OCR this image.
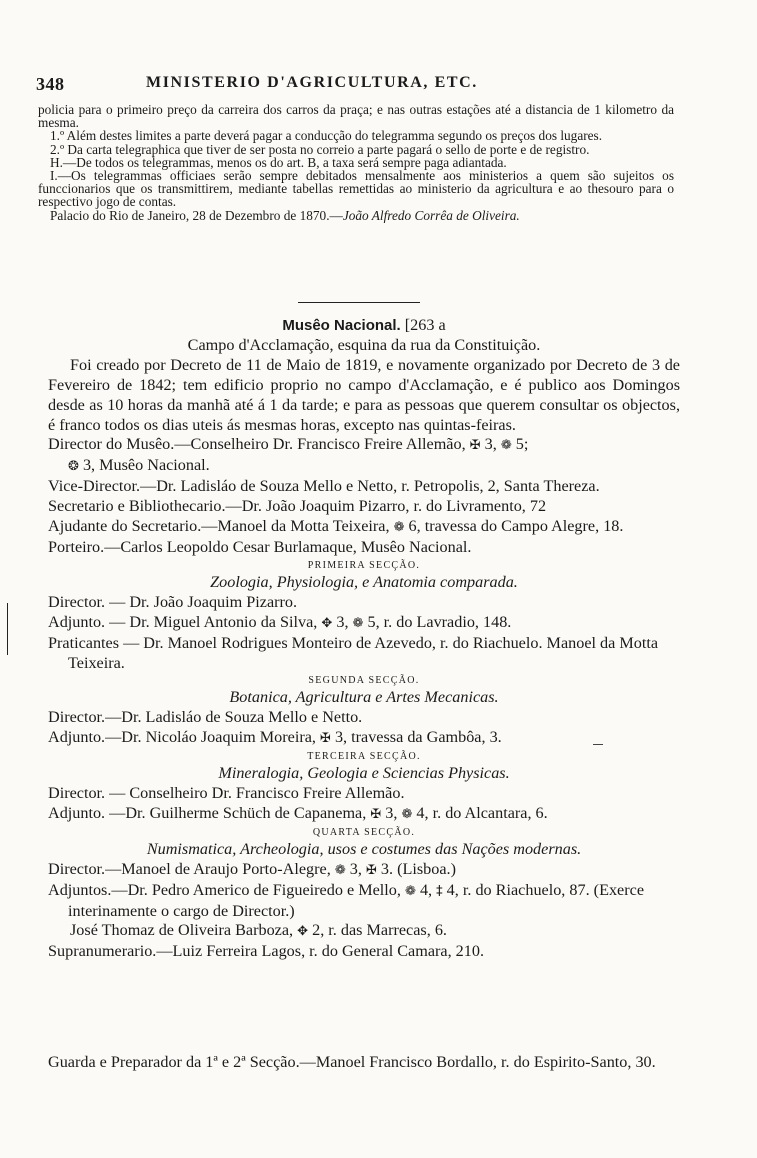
348	MINISTERIO D'AGRICULTURA, ETC.

policia para o primeiro preço da carreira dos carros da praça; e nas outras estações até a distancia de 1 kilometro da mesma.

1.º Além destes limites a parte deverá pagar a conducção do telegramma segundo os preços dos lugares.

2.º Da carta telegraphica que tiver de ser posta no correio a parte pagará o sello de porte e de registro.

H.—De todos os telegrammas, menos os do art. B, a taxa será sempre paga adiantada.

I.—Os telegrammas officiaes serão sempre debitados mensalmente aos ministerios a quem são sujeitos os funccionarios que os transmittirem, mediante tabellas remettidas ao ministerio da agricultura e ao thesouro para o respectivo jogo de contas.

Palacio do Rio de Janeiro, 28 de Dezembro de 1870.—João Alfredo Corrêa de Oliveira.

Musêo Nacional. [263 a

Campo d'Acclamação, esquina da rua da Constituição.

Foi creado por Decreto de 11 de Maio de 1819, e novamente organizado por Decreto de 3 de Fevereiro de 1842; tem edificio proprio no campo d'Acclamação, e é publico aos Domingos desde as 10 horas da manhã até á 1 da tarde; e para as pessoas que querem consultar os objectos, é franco todos os dias uteis ás mesmas horas, excepto nas quintas-feiras.

Director do Musêo.—Conselheiro Dr. Francisco Freire Allemão, ✠ 3, ❁ 5;
❂ 3, Musêo Nacional.

Vice-Director.—Dr. Ladisláo de Souza Mello e Netto, r. Petropolis, 2, Santa Thereza.

Secretario e Bibliothecario.—Dr. João Joaquim Pizarro, r. do Livramento, 72

Ajudante do Secretario.—Manoel da Motta Teixeira, ❁ 6, travessa do Campo Alegre, 18.

Porteiro.—Carlos Leopoldo Cesar Burlamaque, Musêo Nacional.

PRIMEIRA SECÇÃO.

Zoologia, Physiologia, e Anatomia comparada.

Director. — Dr. João Joaquim Pizarro.

Adjunto. — Dr. Miguel Antonio da Silva, ✥ 3, ❁ 5, r. do Lavradio, 148.

Praticantes — Dr. Manoel Rodrigues Monteiro de Azevedo, r. do Riachuelo. Manoel da Motta Teixeira.

SEGUNDA SECÇÃO.

Botanica, Agricultura e Artes Mecanicas.

Director.—Dr. Ladisláo de Souza Mello e Netto.

Adjunto.—Dr. Nicoláo Joaquim Moreira, ✠ 3, travessa da Gambôa, 3.

TERCEIRA SECÇÃO.

Mineralogia, Geologia e Sciencias Physicas.

Director. — Conselheiro Dr. Francisco Freire Allemão.

Adjunto. —Dr. Guilherme Schüch de Capanema, ✠ 3, ❁ 4, r. do Alcantara, 6.

QUARTA SECÇÃO.

Numismatica, Archeologia, usos e costumes das Nações modernas.

Director.—Manoel de Araujo Porto-Alegre, ❁ 3, ✠ 3. (Lisboa.)

Adjuntos.—Dr. Pedro Americo de Figueiredo e Mello, ❁ 4, ‡ 4, r. do Riachuelo, 87. (Exerce interinamente o cargo de Director.)

José Thomaz de Oliveira Barboza, ✥ 2, r. das Marrecas, 6.

Supranumerario.—Luiz Ferreira Lagos, r. do General Camara, 210.

Guarda e Preparador da 1ª e 2ª Secção.—Manoel Francisco Bordallo, r. do Espirito-Santo, 30.
